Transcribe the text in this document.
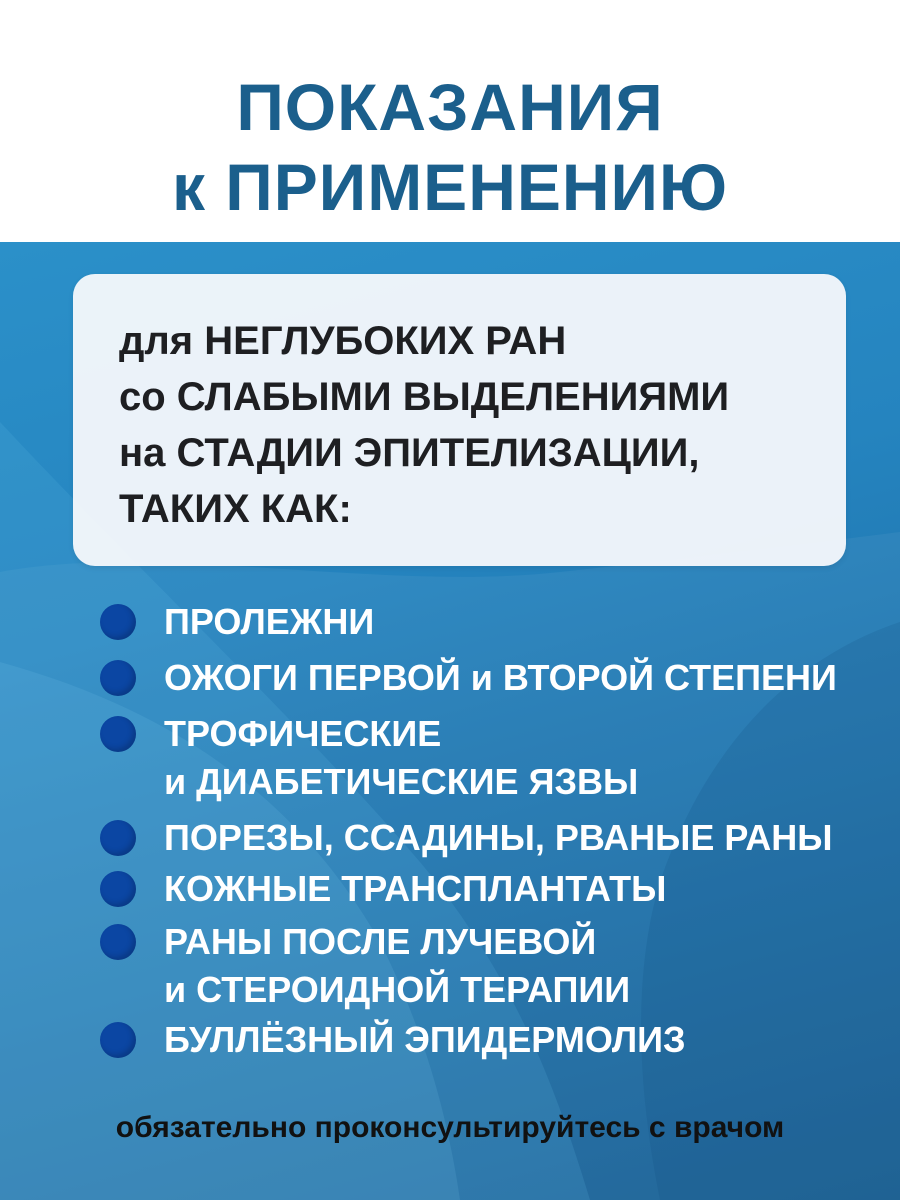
ПОКАЗАНИЯ
к ПРИМЕНЕНИЮ
для НЕГЛУБОКИХ РАН
со СЛАБЫМИ ВЫДЕЛЕНИЯМИ
на СТАДИИ ЭПИТЕЛИЗАЦИИ,
ТАКИХ КАК:
ПРОЛЕЖНИ
ОЖОГИ ПЕРВОЙ и ВТОРОЙ СТЕПЕНИ
ТРОФИЧЕСКИЕ
и ДИАБЕТИЧЕСКИЕ ЯЗВЫ
ПОРЕЗЫ, ССАДИНЫ, РВАНЫЕ РАНЫ
КОЖНЫЕ ТРАНСПЛАНТАТЫ
РАНЫ ПОСЛЕ ЛУЧЕВОЙ
и СТЕРОИДНОЙ ТЕРАПИИ
БУЛЛЁЗНЫЙ ЭПИДЕРМОЛИЗ
обязательно проконсультируйтесь с врачом
